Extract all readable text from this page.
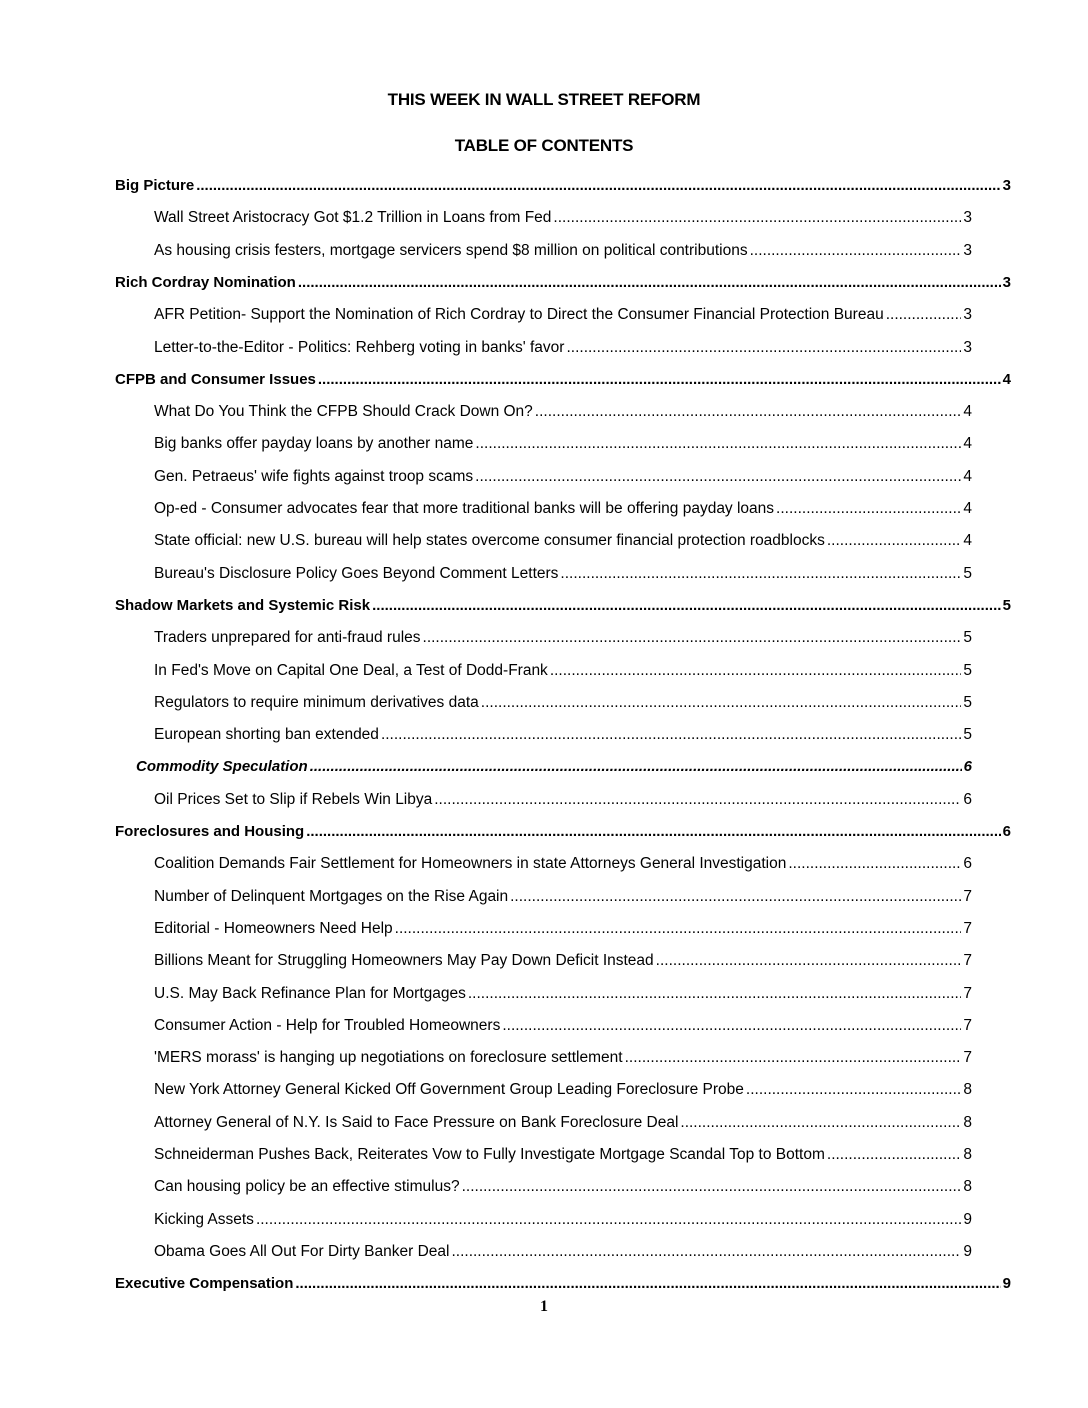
THIS WEEK IN WALL STREET REFORM
TABLE OF CONTENTS
Big Picture .....	3
Wall Street Aristocracy Got $1.2 Trillion in Loans from Fed .....	3
As housing crisis festers, mortgage servicers spend $8 million on political contributions .....	3
Rich Cordray Nomination .....	3
AFR Petition- Support the Nomination of Rich Cordray to Direct the Consumer Financial Protection Bureau .....	3
Letter-to-the-Editor - Politics: Rehberg voting in banks' favor .....	3
CFPB and Consumer Issues .....	4
What Do You Think the CFPB Should Crack Down On? .....	4
Big banks offer payday loans by another name .....	4
Gen. Petraeus' wife fights against troop scams .....	4
Op-ed - Consumer advocates fear that more traditional banks will be offering payday loans .....	4
State official: new U.S. bureau will help states overcome consumer financial protection roadblocks .....	4
Bureau's Disclosure Policy Goes Beyond Comment Letters .....	5
Shadow Markets and Systemic Risk .....	5
Traders unprepared for anti-fraud rules .....	5
In Fed's Move on Capital One Deal, a Test of Dodd-Frank .....	5
Regulators to require minimum derivatives data .....	5
European shorting ban extended .....	5
Commodity Speculation .....	6
Oil Prices Set to Slip if Rebels Win Libya .....	6
Foreclosures and Housing .....	6
Coalition Demands Fair Settlement for Homeowners in state Attorneys General Investigation .....	6
Number of Delinquent Mortgages on the Rise Again .....	7
Editorial - Homeowners Need Help .....	7
Billions Meant for Struggling Homeowners May Pay Down Deficit Instead .....	7
U.S. May Back Refinance Plan for Mortgages .....	7
Consumer Action - Help for Troubled Homeowners .....	7
'MERS morass' is hanging up negotiations on foreclosure settlement .....	7
New York Attorney General Kicked Off Government Group Leading Foreclosure Probe .....	8
Attorney General of N.Y. Is Said to Face Pressure on Bank Foreclosure Deal .....	8
Schneiderman Pushes Back, Reiterates Vow to Fully Investigate Mortgage Scandal Top to Bottom .....	8
Can housing policy be an effective stimulus? .....	8
Kicking Assets .....	9
Obama Goes All Out For Dirty Banker Deal .....	9
Executive Compensation .....	9
1
